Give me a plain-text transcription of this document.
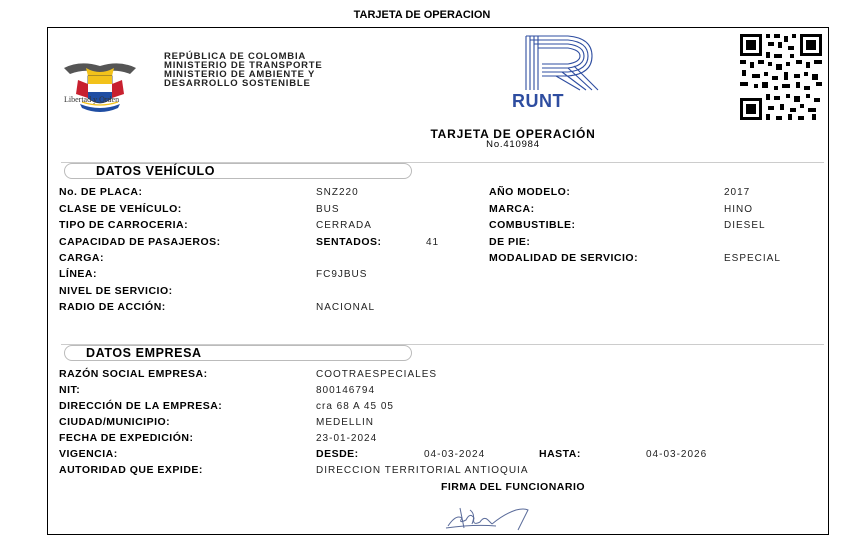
TARJETA DE OPERACION
Libertad y Orden
REPÚBLICA DE COLOMBIA
MINISTERIO DE TRANSPORTE
MINISTERIO DE AMBIENTE Y
DESARROLLO SOSTENIBLE
RUNT
TARJETA DE OPERACIÓN
No.410984
DATOS VEHÍCULO
No. DE PLACA:	SNZ220	AÑO MODELO:	2017
CLASE DE VEHÍCULO:	BUS	MARCA:	HINO
TIPO DE CARROCERIA:	CERRADA	COMBUSTIBLE:	DIESEL
CAPACIDAD DE PASAJEROS:	SENTADOS:	41	DE PIE:
CARGA:	MODALIDAD DE SERVICIO:	ESPECIAL
LÍNEA:	FC9JBUS
NIVEL DE SERVICIO:
RADIO DE ACCIÓN:	NACIONAL
DATOS EMPRESA
RAZÓN SOCIAL EMPRESA:	COOTRAESPECIALES
NIT:	800146794
DIRECCIÓN DE LA EMPRESA:	cra 68 A 45 05
CIUDAD/MUNICIPIO:	MEDELLIN
FECHA DE EXPEDICIÓN:	23-01-2024
VIGENCIA:	DESDE:	04-03-2024	HASTA:	04-03-2026
AUTORIDAD QUE EXPIDE:	DIRECCION TERRITORIAL ANTIOQUIA
FIRMA DEL FUNCIONARIO
